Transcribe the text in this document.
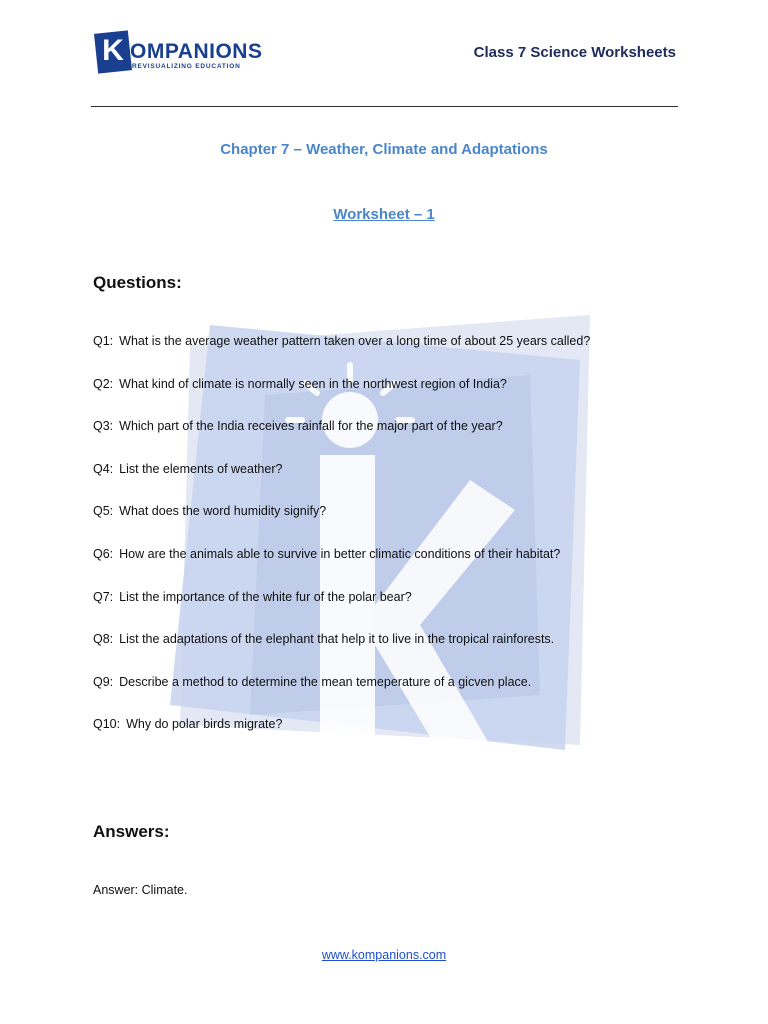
K OMPANIONS
REVISUALIZING EDUCATION
Class 7 Science Worksheets
Chapter 7 – Weather, Climate and Adaptations
Worksheet – 1
Questions:
Q1: What is the average weather pattern taken over a long time of about 25 years called?
Q2: What kind of climate is normally seen in the northwest region of India?
Q3: Which part of the India receives rainfall for the major part of the year?
Q4: List the elements of weather?
Q5: What does the word humidity signify?
Q6: How are the animals able to survive in better climatic conditions of their habitat?
Q7: List the importance of the white fur of the polar bear?
Q8: List the adaptations of the elephant that help it to live in the tropical rainforests.
Q9: Describe a method to determine the mean temeperature of a gicven place.
Q10: Why do polar birds migrate?
Answers:
Answer: Climate.
www.kompanions.com
